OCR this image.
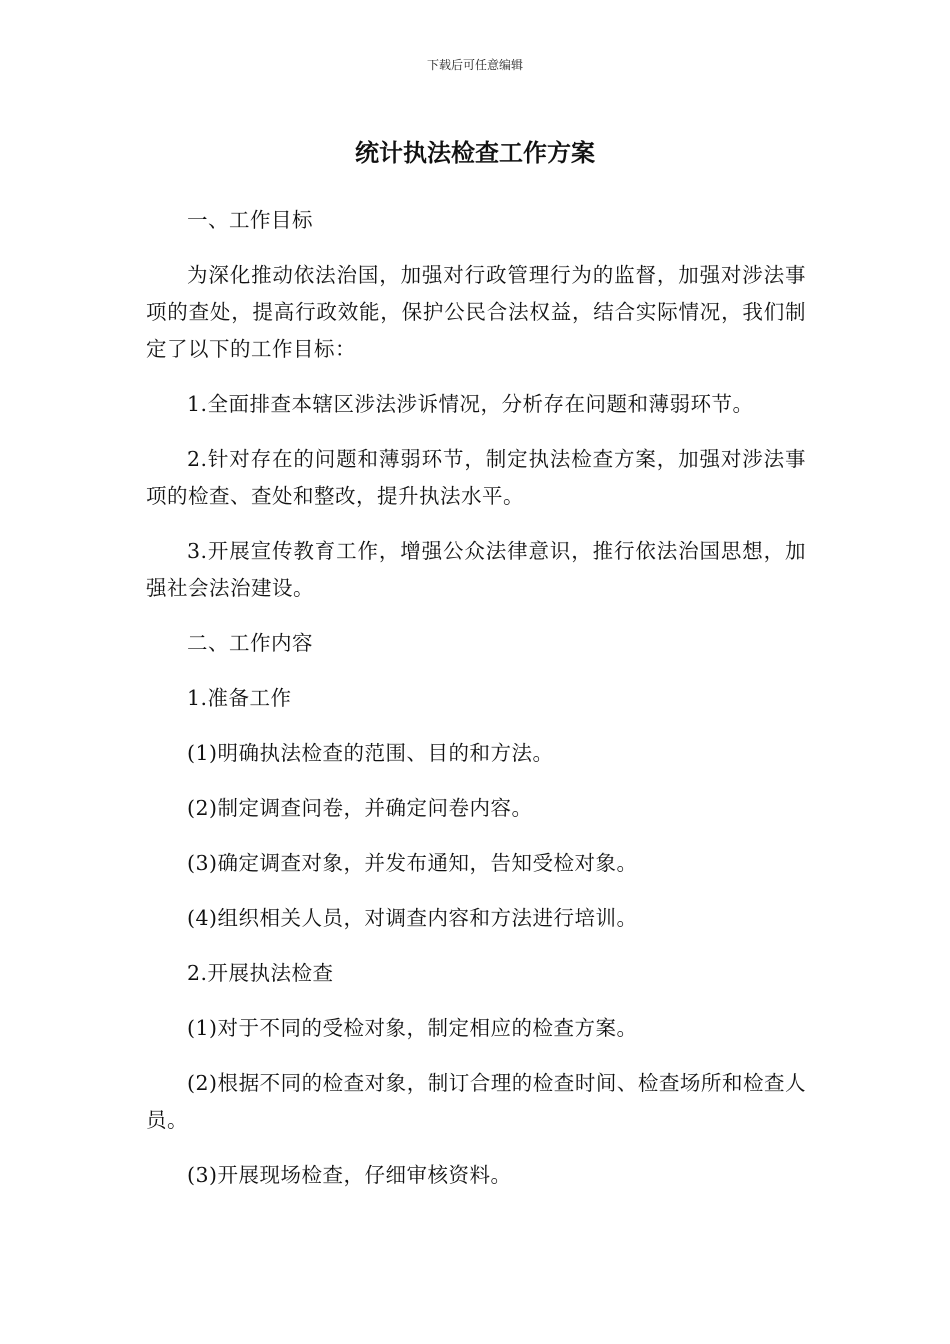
下载后可任意编辑
统计执法检查工作方案

一、工作目标

为深化推动依法治国，加强对行政管理行为的监督，加强对涉法事项的查处，提高行政效能，保护公民合法权益，结合实际情况，我们制定了以下的工作目标：

1.全面排查本辖区涉法涉诉情况，分析存在问题和薄弱环节。

2.针对存在的问题和薄弱环节，制定执法检查方案，加强对涉法事项的检查、查处和整改，提升执法水平。

3.开展宣传教育工作，增强公众法律意识，推行依法治国思想，加强社会法治建设。

二、工作内容

1.准备工作

(1)明确执法检查的范围、目的和方法。

(2)制定调查问卷，并确定问卷内容。

(3)确定调查对象，并发布通知，告知受检对象。

(4)组织相关人员，对调查内容和方法进行培训。

2.开展执法检查

(1)对于不同的受检对象，制定相应的检查方案。

(2)根据不同的检查对象，制订合理的检查时间、检查场所和检查人员。

(3)开展现场检查，仔细审核资料。
